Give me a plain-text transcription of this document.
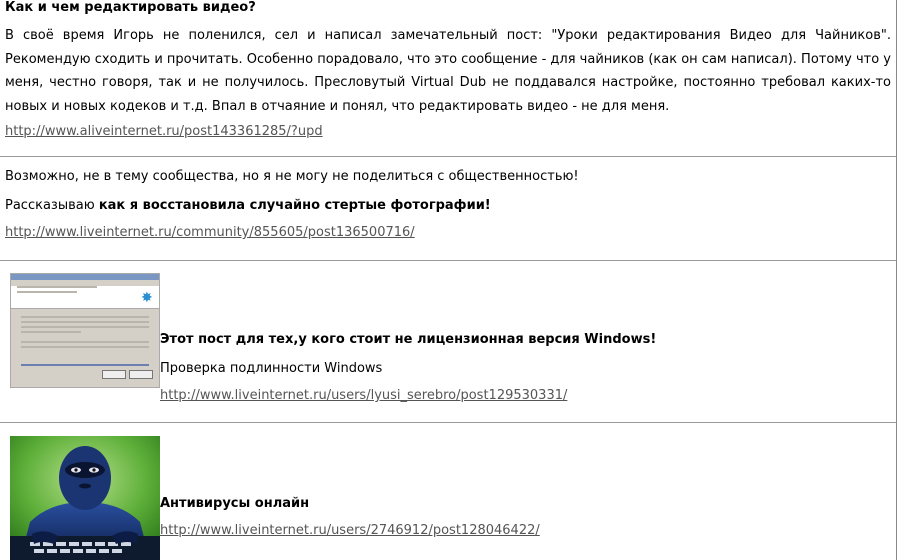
Как и чем редактировать видео?

В своё время Игорь не поленился, сел и написал замечательный пост: "Уроки редактирования Видео для Чайников". Рекомендую сходить и прочитать. Особенно порадовало, что это сообщение - для чайников (как он сам написал). Потому что у меня, честно говоря, так и не получилось. Пресловутый Virtual Dub не поддавался настройке, постоянно требовал каких-то новых и новых кодеков и т.д. Впал в отчаяние и понял, что редактировать видео - не для меня.

http://www.aliveinternet.ru/post143361285/?upd

Возможно, не в тему сообщества, но я не могу не поделиться с общественностью!

Рассказываю как я восстановила случайно стертые фотографии!

http://www.liveinternet.ru/community/855605/post136500716/
✸

Этот пост для тех,у кого стоит не лицензионная версия Windows!

Проверка подлинности Windows

http://www.liveinternet.ru/users/lyusi_serebro/post129530331/

Антивирусы онлайн

http://www.liveinternet.ru/users/2746912/post128046422/
